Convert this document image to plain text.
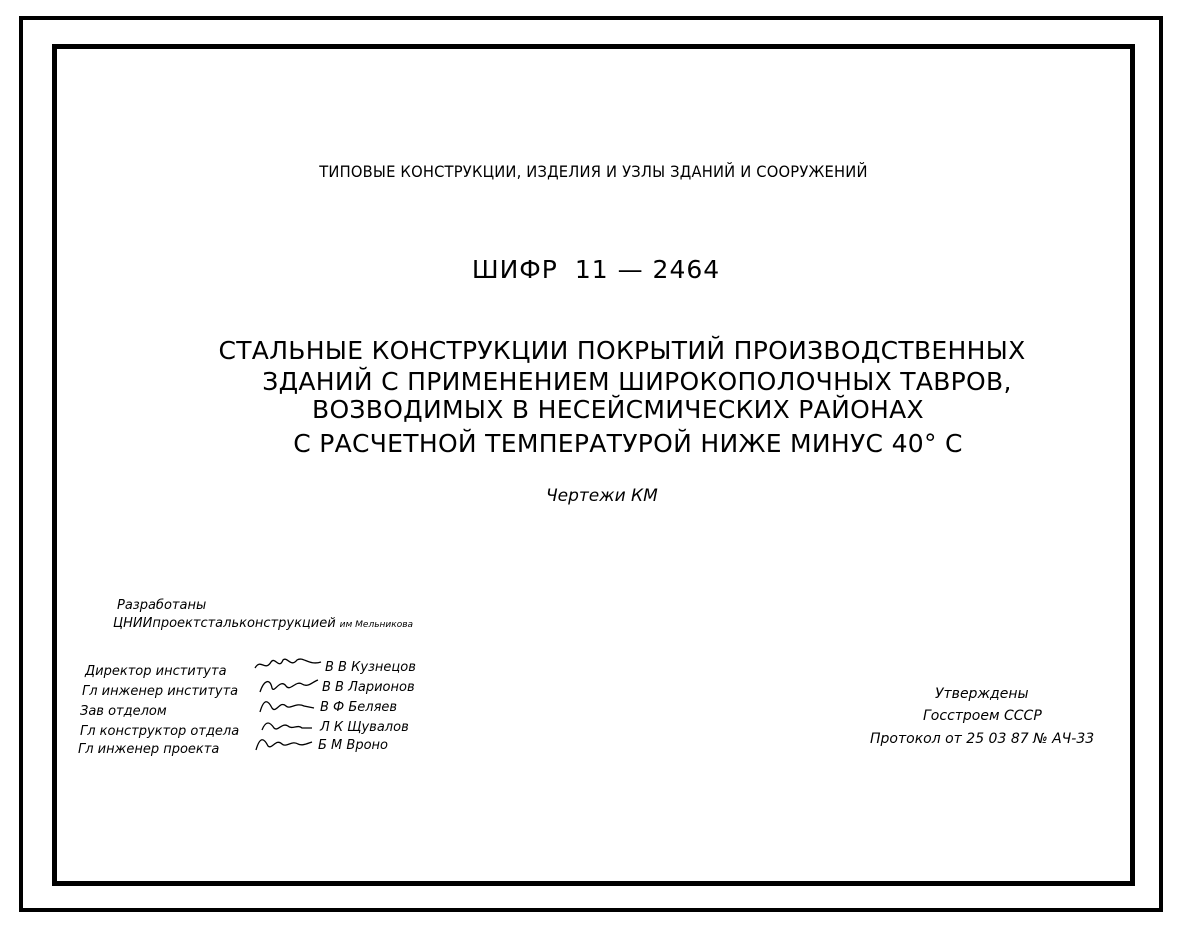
ТИПОВЫЕ КОНСТРУКЦИИ, ИЗДЕЛИЯ И УЗЛЫ ЗДАНИЙ И СООРУЖЕНИЙ
ШИФР 11 — 2464
СТАЛЬНЫЕ КОНСТРУКЦИИ ПОКРЫТИЙ ПРОИЗВОДСТВЕННЫХ
ЗДАНИЙ С ПРИМЕНЕНИЕМ ШИРОКОПОЛОЧНЫХ ТАВРОВ,
ВОЗВОДИМЫХ В НЕСЕЙСМИЧЕСКИХ РАЙОНАХ
С РАСЧЕТНОЙ ТЕМПЕРАТУРОЙ НИЖЕ МИНУС 40° С
Чертежи КМ
Разработаны
ЦНИИпроектстальконструкцией им Мельникова
Директор института	В В Кузнецов
Гл инженер института	В В Ларионов
Зав отделом	В Ф Беляев
Гл конструктор отдела	Л К Щувалов
Гл инженер проекта	Б М Вроно
Утверждены
Госстроем СССР
Протокол от 25 03 87 № АЧ-33
